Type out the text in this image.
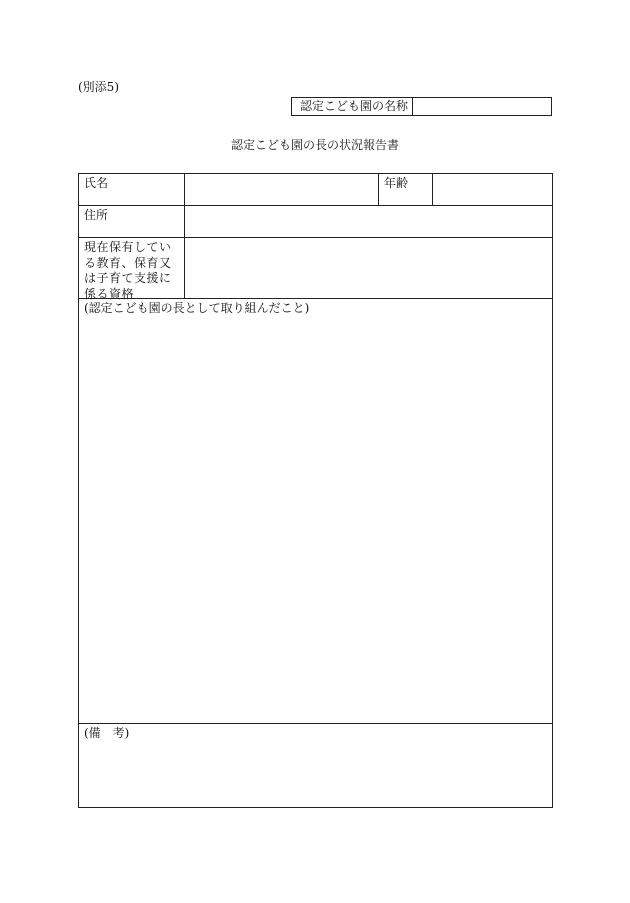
(別添5)
認定こども園の名称
認定こども園の長の状況報告書
氏名	年齢
住所
現在保有している教育、保育又は子育て支援に係る資格
(認定こども園の長として取り組んだこと)
(備　考)
